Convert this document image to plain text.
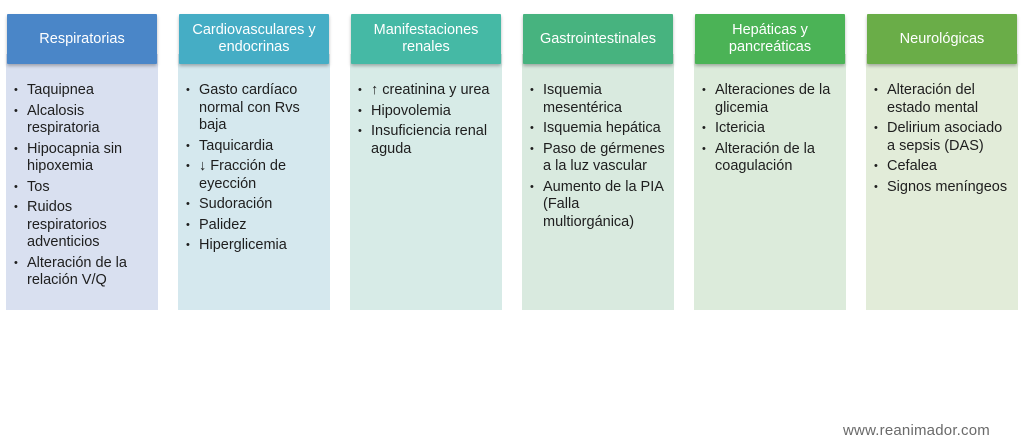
Respiratorias
• Taquipnea
• Alcalosis respiratoria
• Hipocapnia sin hipoxemia
• Tos
• Ruidos respiratorios adventicios
• Alteración de la relación V/Q
Cardiovasculares y endocrinas
• Gasto cardíaco normal con Rvs baja
• Taquicardia
• ↓ Fracción de eyección
• Sudoración
• Palidez
• Hiperglicemia
Manifestaciones renales
• ↑ creatinina y urea
• Hipovolemia
• Insuficiencia renal aguda
Gastrointestinales
• Isquemia mesentérica
• Isquemia hepática
• Paso de gérmenes a la luz vascular
• Aumento de la PIA (Falla multiorgánica)
Hepáticas y pancreáticas
• Alteraciones de la glicemia
• Ictericia
• Alteración de la coagulación
Neurológicas
• Alteración del estado mental
• Delirium asociado a sepsis (DAS)
• Cefalea
• Signos meníngeos
www.reanimador.com
